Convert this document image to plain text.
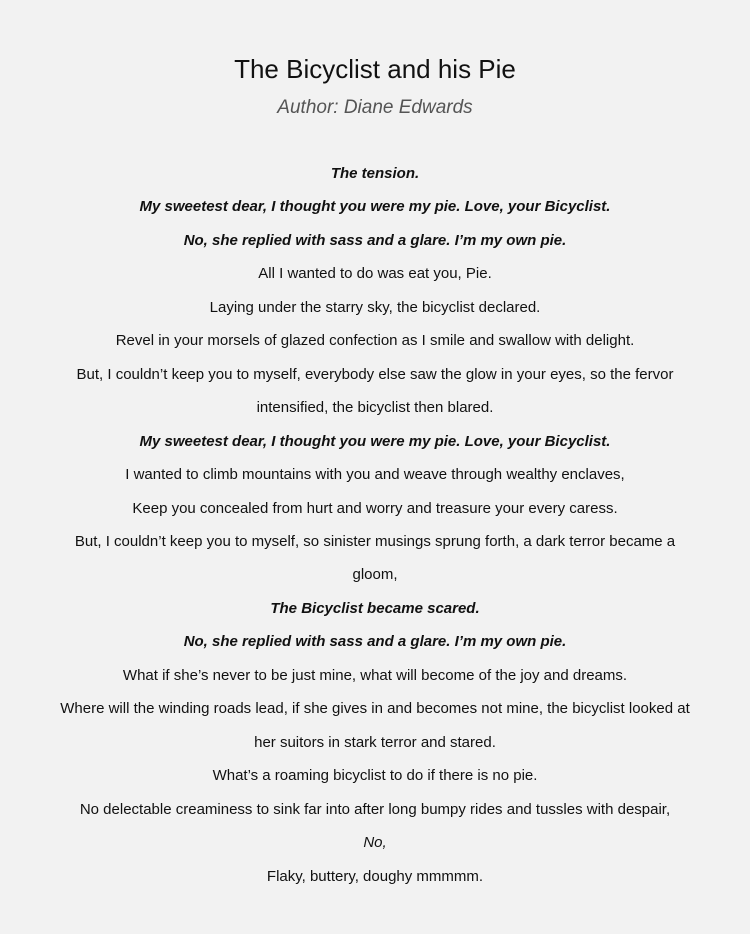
The Bicyclist and his Pie
Author: Diane Edwards
The tension.
My sweetest dear, I thought you were my pie. Love, your Bicyclist.
No, she replied with sass and a glare. I’m my own pie.
All I wanted to do was eat you, Pie.
Laying under the starry sky, the bicyclist declared.
Revel in your morsels of glazed confection as I smile and swallow with delight.
But, I couldn’t keep you to myself, everybody else saw the glow in your eyes, so the fervor
intensified, the bicyclist then blared.
My sweetest dear, I thought you were my pie. Love, your Bicyclist.
I wanted to climb mountains with you and weave through wealthy enclaves,
Keep you concealed from hurt and worry and treasure your every caress.
But, I couldn’t keep you to myself, so sinister musings sprung forth, a dark terror became a
gloom,
The Bicyclist became scared.
No, she replied with sass and a glare. I’m my own pie.
What if she’s never to be just mine, what will become of the joy and dreams.
Where will the winding roads lead, if she gives in and becomes not mine, the bicyclist looked at
her suitors in stark terror and stared.
What’s a roaming bicyclist to do if there is no pie.
No delectable creaminess to sink far into after long bumpy rides and tussles with despair,
No,
Flaky, buttery, doughy mmmmm.
